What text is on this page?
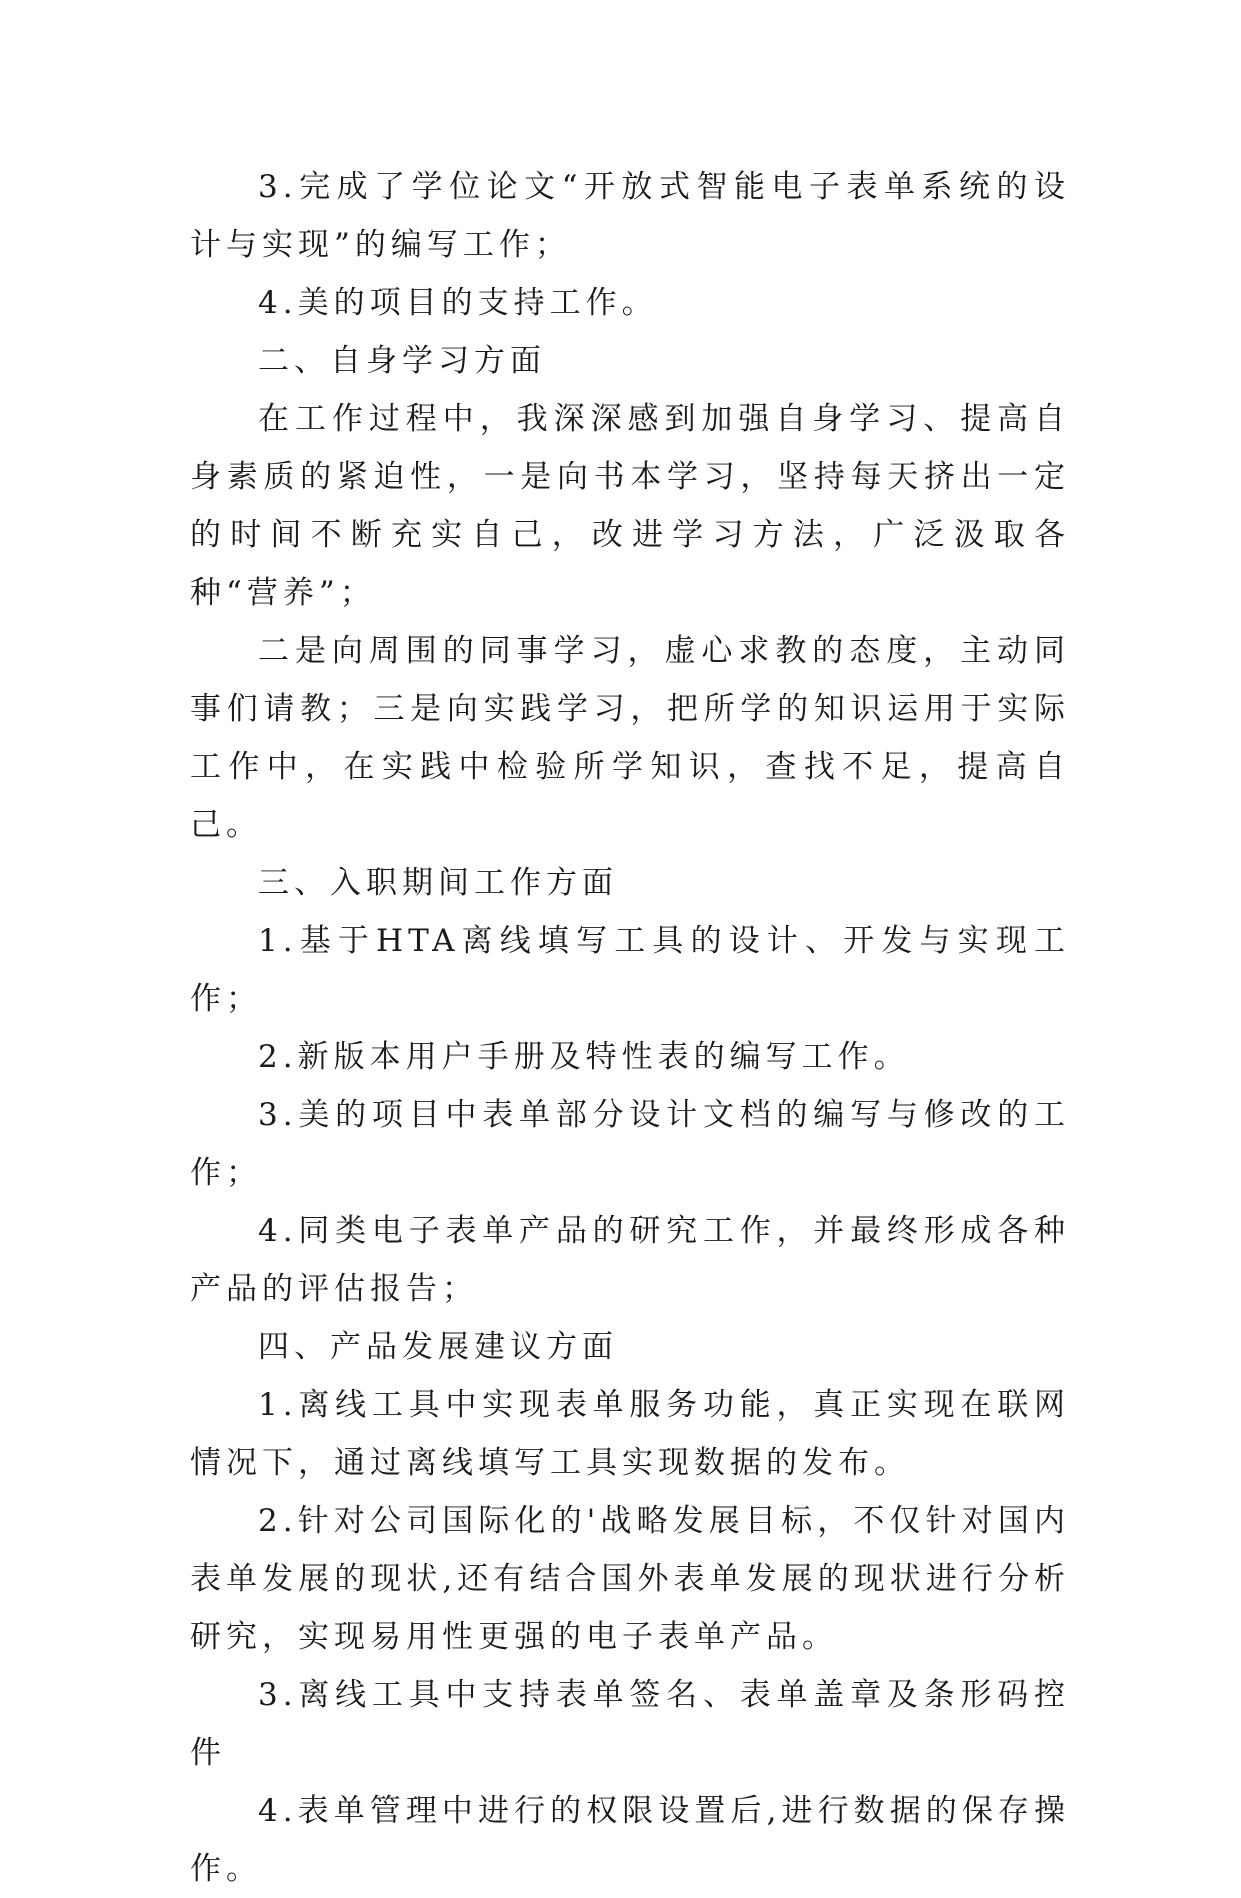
3.完成了学位论文“开放式智能电子表单系统的设计与实现”的编写工作；

4.美的项目的支持工作。

二、自身学习方面

在工作过程中，我深深感到加强自身学习、提高自身素质的紧迫性，一是向书本学习，坚持每天挤出一定的时间不断充实自己，改进学习方法，广泛汲取各种“营养”；

二是向周围的同事学习，虚心求教的态度，主动同事们请教；三是向实践学习，把所学的知识运用于实际工作中，在实践中检验所学知识，查找不足，提高自己。

三、入职期间工作方面

1.基于HTA离线填写工具的设计、开发与实现工作；

2.新版本用户手册及特性表的编写工作。

3.美的项目中表单部分设计文档的编写与修改的工作；

4.同类电子表单产品的研究工作，并最终形成各种产品的评估报告；

四、产品发展建议方面

1.离线工具中实现表单服务功能，真正实现在联网情况下，通过离线填写工具实现数据的发布。

2.针对公司国际化的'战略发展目标，不仅针对国内表单发展的现状,还有结合国外表单发展的现状进行分析研究，实现易用性更强的电子表单产品。

3.离线工具中支持表单签名、表单盖章及条形码控件

4.表单管理中进行的权限设置后,进行数据的保存操作。
